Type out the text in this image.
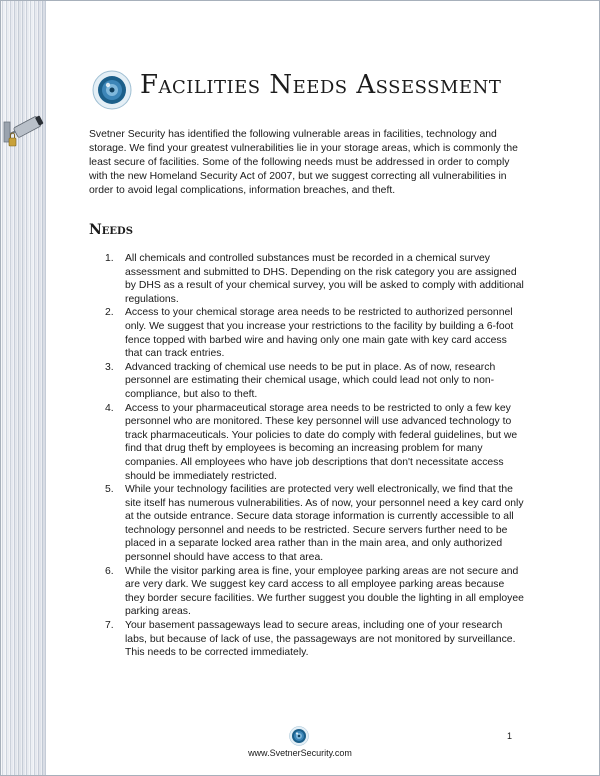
Facilities Needs Assessment

Svetner Security has identified the following vulnerable areas in facilities, technology and storage. We find your greatest vulnerabilities lie in your storage areas, which is commonly the least secure of facilities. Some of the following needs must be addressed in order to comply with the new Homeland Security Act of 2007, but we suggest correcting all vulnerabilities in order to avoid legal complications, information breaches, and theft.

Needs
1.	All chemicals and controlled substances must be recorded in a chemical survey assessment and submitted to DHS. Depending on the risk category you are assigned by DHS as a result of your chemical survey, you will be asked to comply with additional regulations.
2.	Access to your chemical storage area needs to be restricted to authorized personnel only. We suggest that you increase your restrictions to the facility by building a 6-foot fence topped with barbed wire and having only one main gate with key card access that can track entries.
3.	Advanced tracking of chemical use needs to be put in place. As of now, research personnel are estimating their chemical usage, which could lead not only to non-compliance, but also to theft.
4.	Access to your pharmaceutical storage area needs to be restricted to only a few key personnel who are monitored. These key personnel will use advanced technology to track pharmaceuticals. Your policies to date do comply with federal guidelines, but we find that drug theft by employees is becoming an increasing problem for many companies. All employees who have job descriptions that don't necessitate access should be immediately restricted.
5.	While your technology facilities are protected very well electronically, we find that the site itself has numerous vulnerabilities. As of now, your personnel need a key card only at the outside entrance. Secure data storage information is currently accessible to all technology personnel and needs to be restricted. Secure servers further need to be placed in a separate locked area rather than in the main area, and only authorized personnel should have access to that area.
6.	While the visitor parking area is fine, your employee parking areas are not secure and are very dark. We suggest key card access to all employee parking areas because they border secure facilities. We further suggest you double the lighting in all employee parking areas.
7.	Your basement passageways lead to secure areas, including one of your research labs, but because of lack of use, the passageways are not monitored by surveillance. This needs to be corrected immediately.
1
www.SvetnerSecurity.com
